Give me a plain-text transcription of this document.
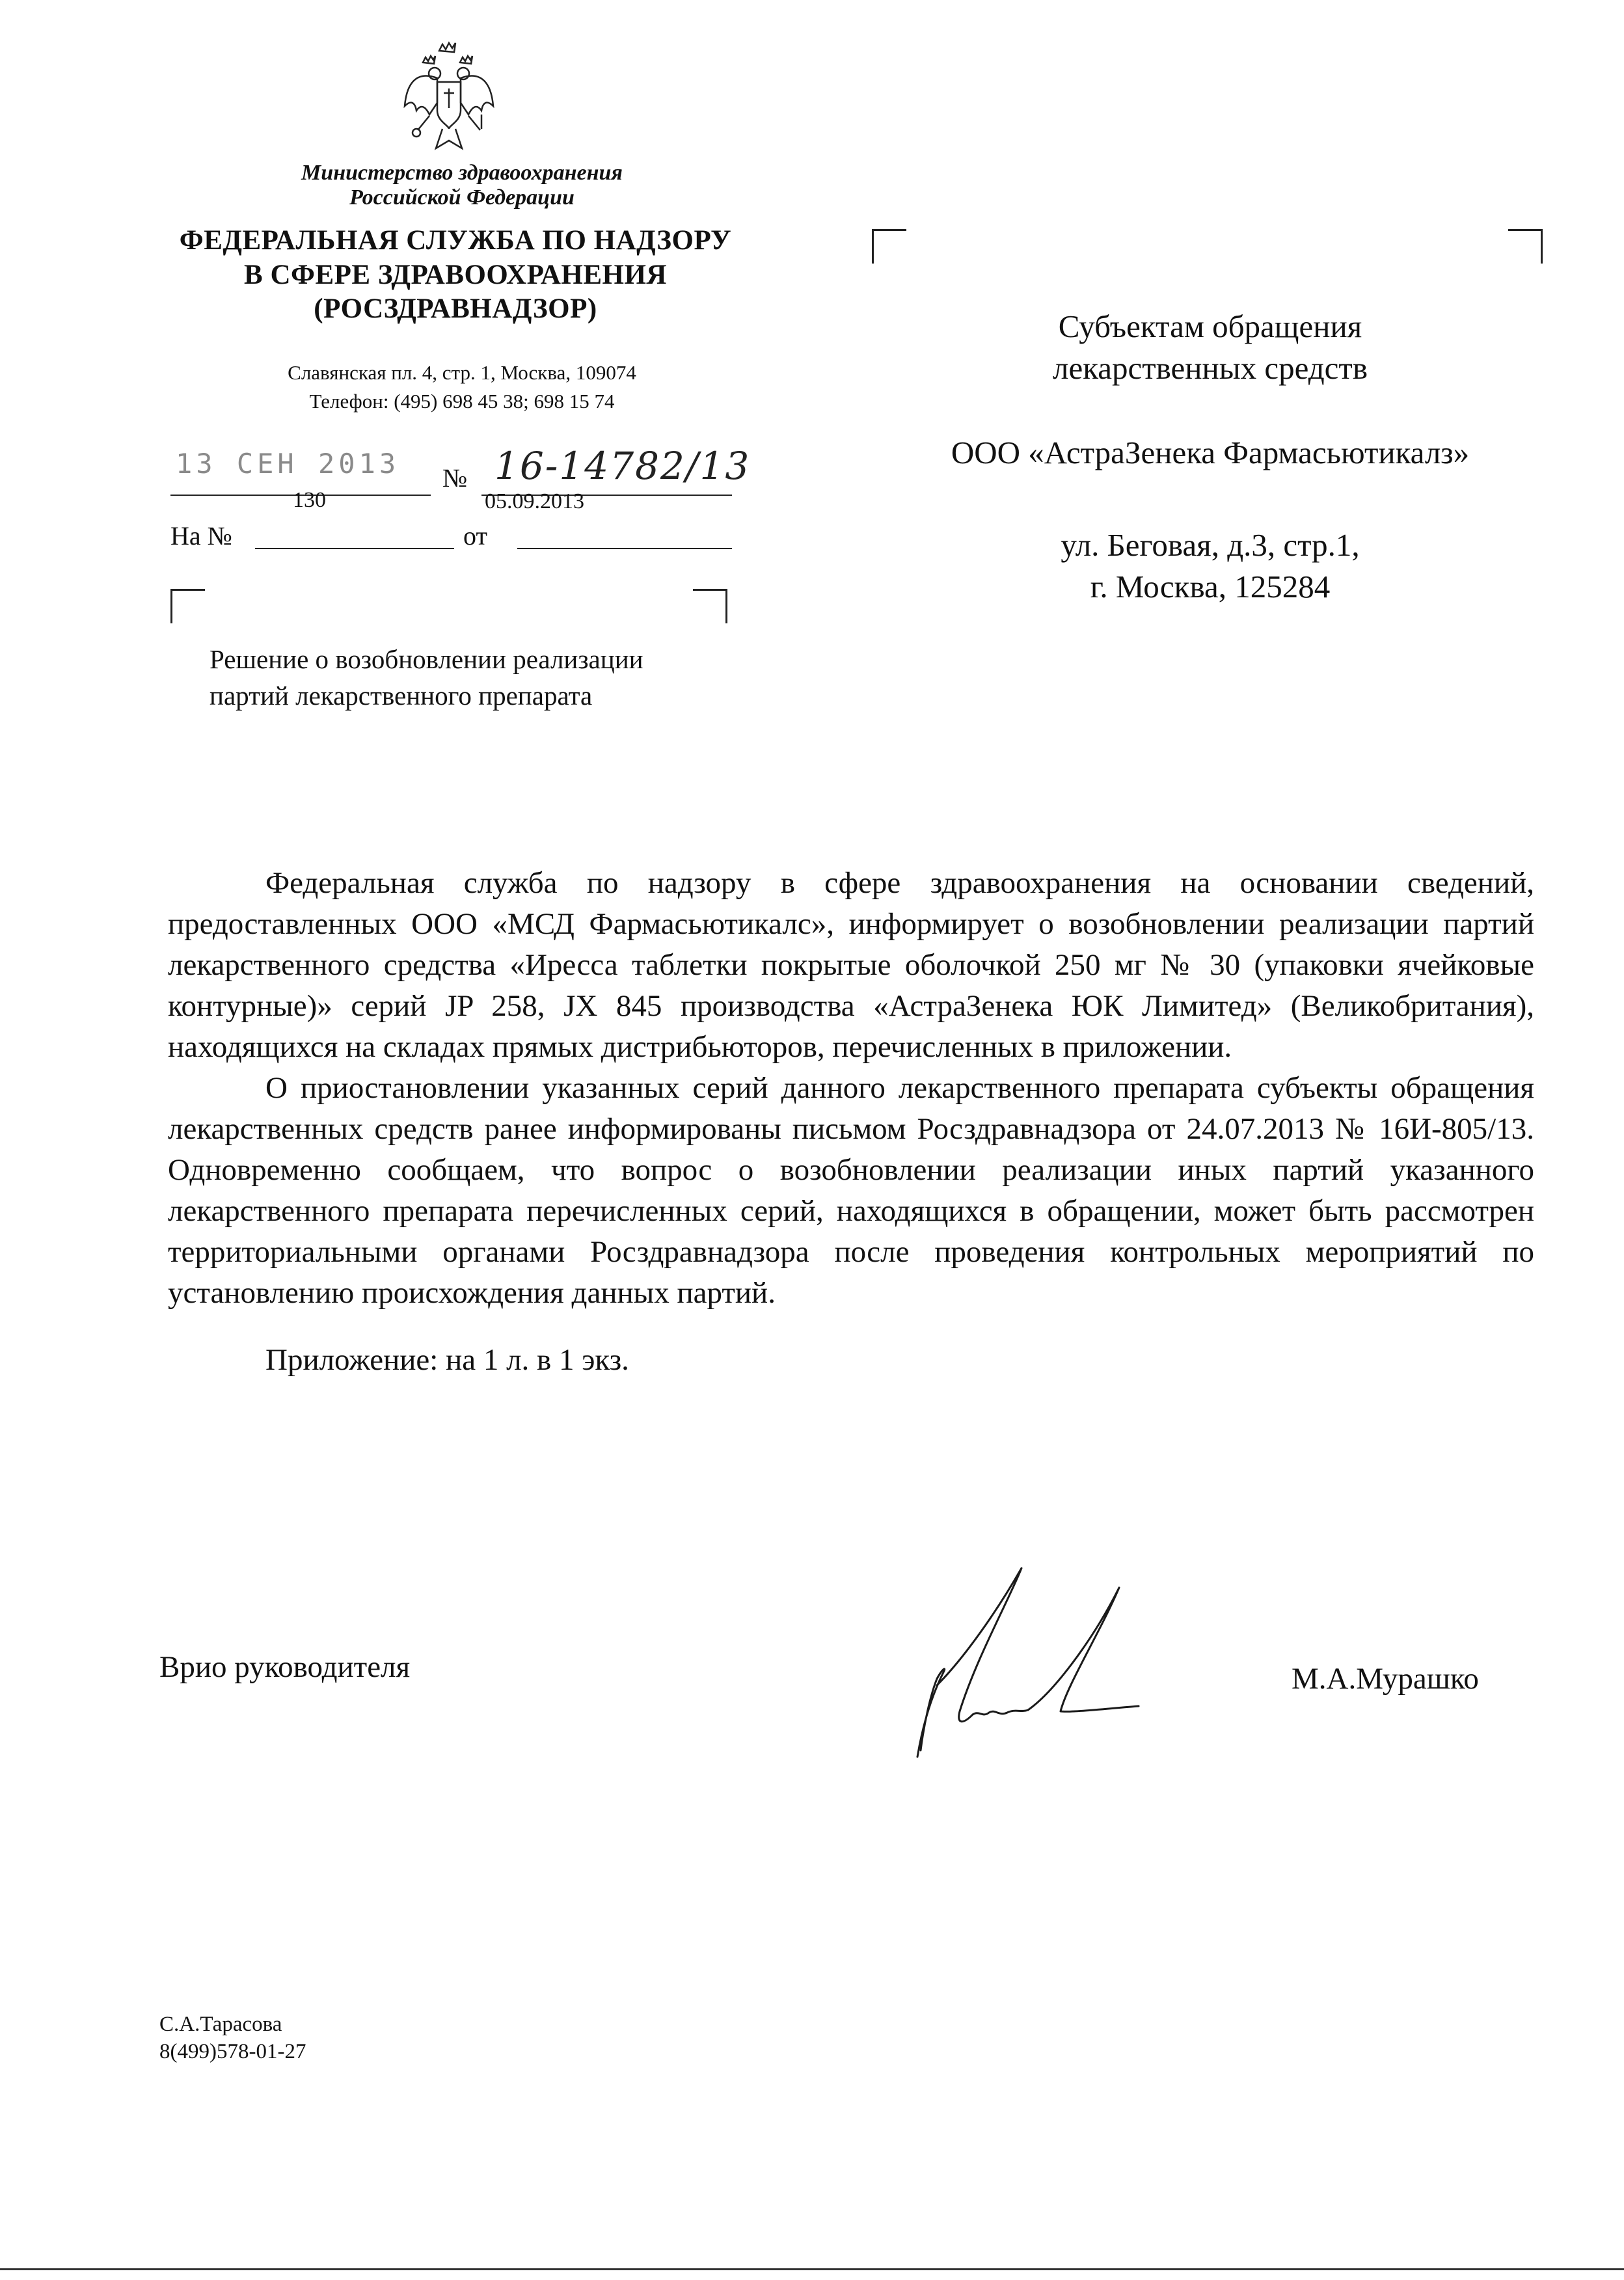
Министерство здравоохранения
Российской Федерации
ФЕДЕРАЛЬНАЯ СЛУЖБА ПО НАДЗОРУ
В СФЕРЕ ЗДРАВООХРАНЕНИЯ
(РОСЗДРАВНАДЗОР)
Славянская пл. 4, стр. 1, Москва, 109074
Телефон: (495) 698 45 38; 698 15 74
13 СЕН 2013 № 16-14782/13
130	05.09.2013
На №	от
Решение о возобновлении реализации
партий лекарственного препарата
Субъектам обращения
лекарственных средств
ООО «АстраЗенека Фармасьютикалз»
ул. Беговая, д.3, стр.1,
г. Москва, 125284

Федеральная служба по надзору в сфере здравоохранения на основании сведений, предоставленных ООО «МСД Фармасьютикалс», информирует о возобновлении реализации партий лекарственного средства «Иресса таблетки покрытые оболочкой 250 мг № 30 (упаковки ячейковые контурные)» серий JP 258, JX 845 производства «АстраЗенека ЮК Лимитед» (Великобритания), находящихся на складах прямых дистрибьюторов, перечисленных в приложении.

О приостановлении указанных серий данного лекарственного препарата субъекты обращения лекарственных средств ранее информированы письмом Росздравнадзора от 24.07.2013 № 16И-805/13. Одновременно сообщаем, что вопрос о возобновлении реализации иных партий указанного лекарственного препарата перечисленных серий, находящихся в обращении, может быть рассмотрен территориальными органами Росздравнадзора после проведения контрольных мероприятий по установлению происхождения данных партий.

Приложение: на 1 л. в 1 экз.

Врио руководителя	М.А.Мурашко
С.А.Тарасова
8(499)578-01-27
